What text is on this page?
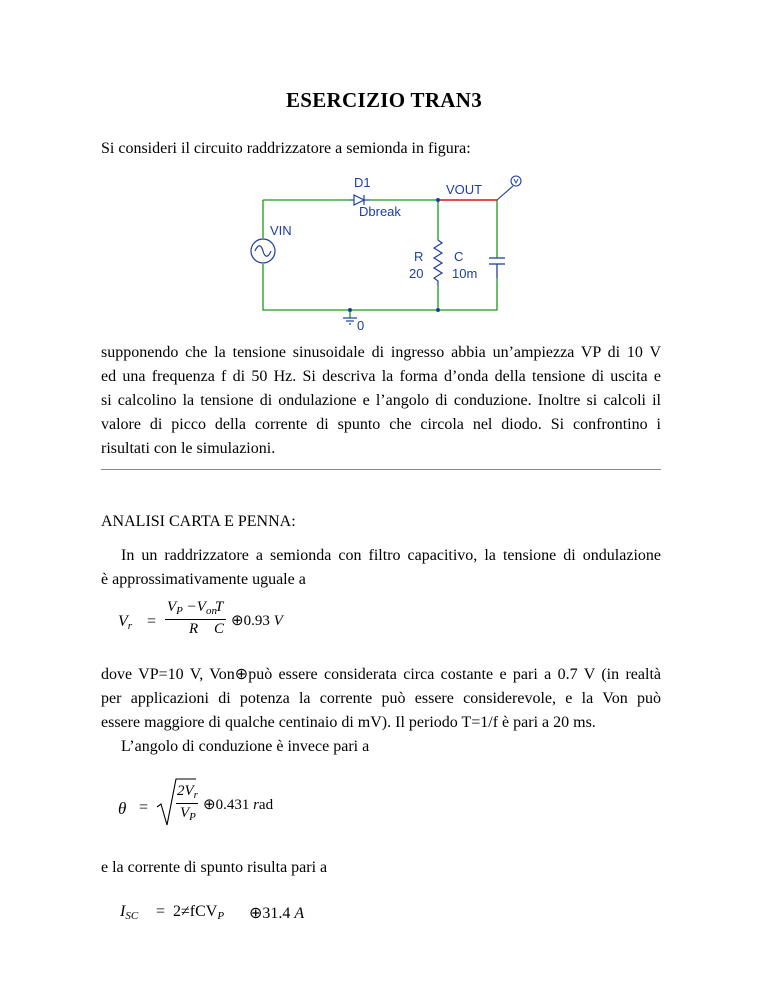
ESERCIZIO TRAN3
Si consideri il circuito raddrizzatore a semionda in figura:
D1
Dbreak
VOUT
VIN
R
20
C
10m
0
supponendo che la tensione sinusoidale di ingresso abbia un’ampiezza VP di 10 V
ed una frequenza f di 50 Hz. Si descriva la forma d’onda della tensione di uscita e
si calcolino la tensione di ondulazione e l’angolo di conduzione. Inoltre si calcoli il
valore di picco della corrente di spunto che circola nel diodo. Si confrontino i
risultati con le simulazioni.
ANALISI CARTA E PENNA:
In un raddrizzatore a semionda con filtro capacitivo, la tensione di ondulazione
è approssimativamente uguale a
Vr =
$V_P -V_{on}$
R
T
C ⊕0.93 V
dove VP=10 V, Von⊕può essere considerata circa costante e pari a 0.7 V (in realtà
per applicazioni di potenza la corrente può essere considerevole, e la Von può
essere maggiore di qualche centinaio di mV). Il periodo T=1/f è pari a 20 ms.
L’angolo di conduzione è invece pari a
θ =
$2V_r$
$V_P$
⊕0.431 rad
e la corrente di spunto risulta pari a
ISC = 2≠fCVP ⊕31.4 A
